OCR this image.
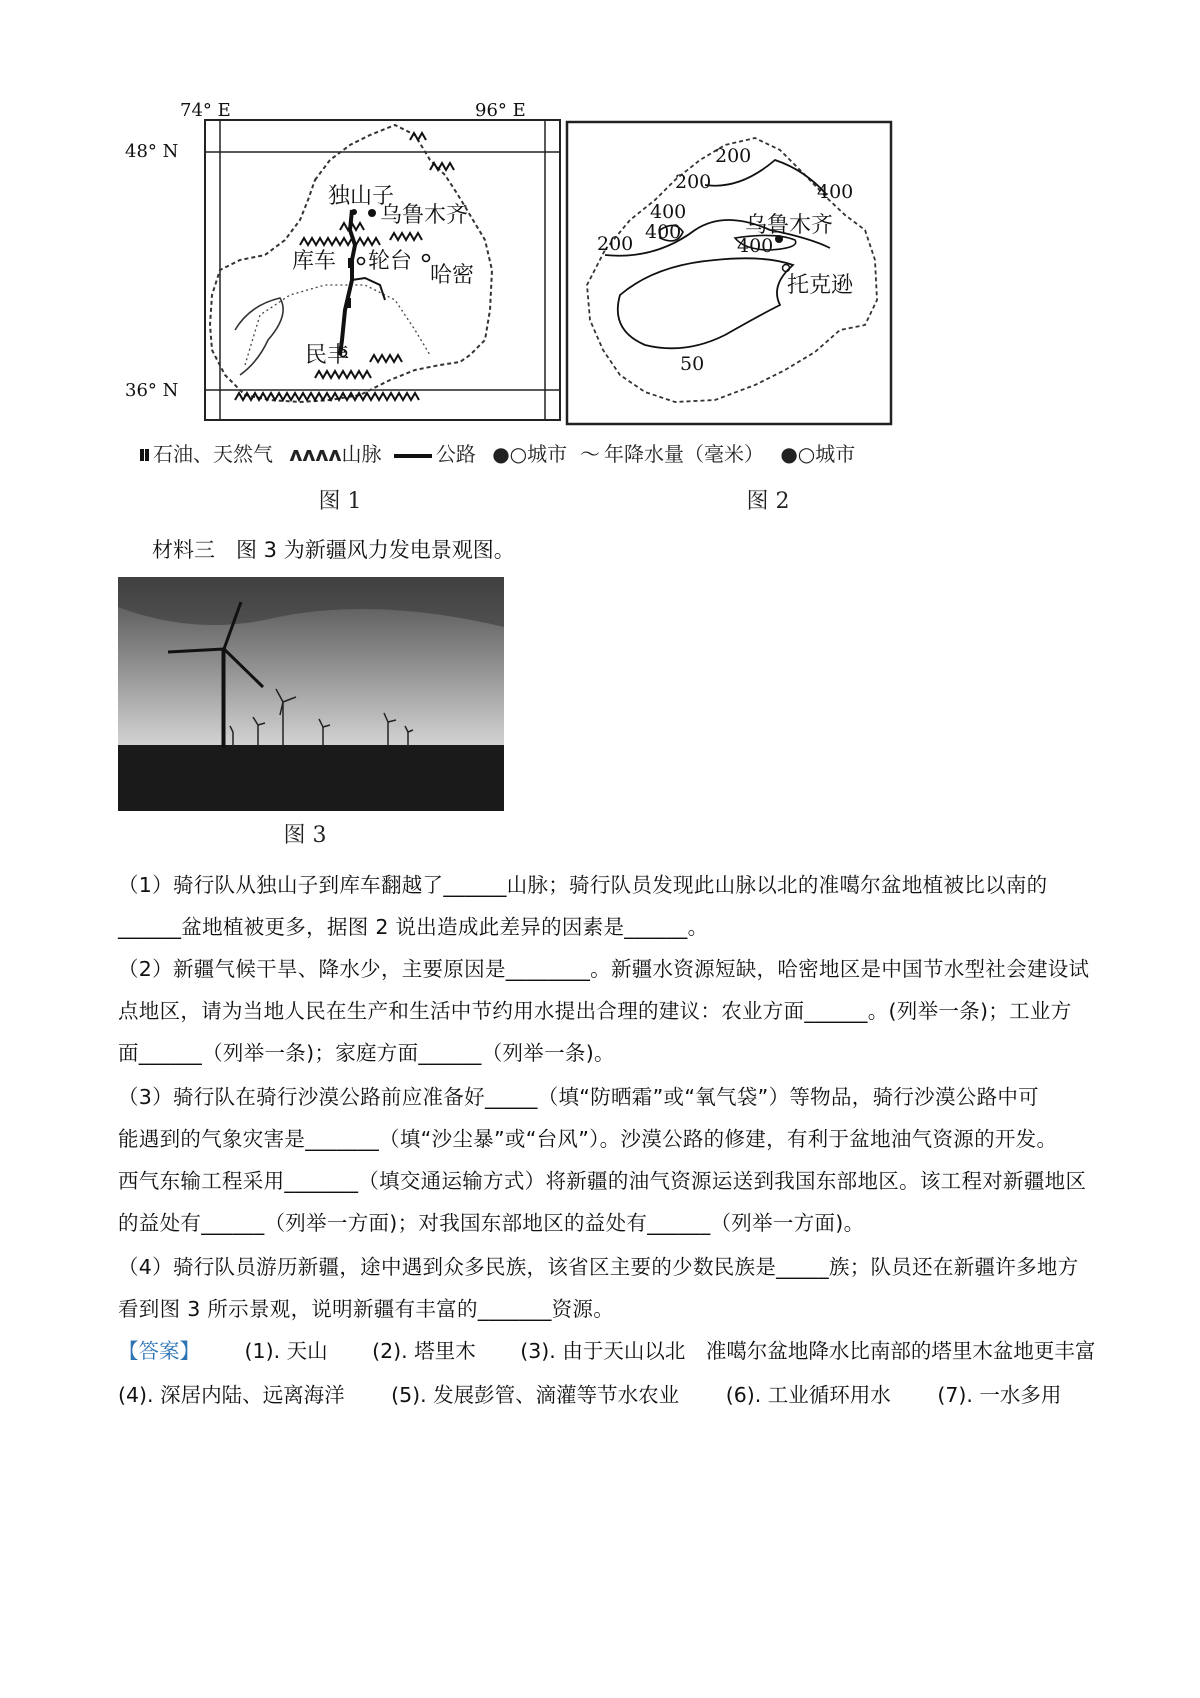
74° E	96° E
48° N
36° N
独山子
乌鲁木齐
库车 轮台
哈密
民丰
石油、天然气 ʌʌʌʌ山脉	公路 ●○城市
图 1
200
200	400
400
400
400
200
50
乌鲁木齐
托克逊
〜 年降水量（毫米） ●○城市
图 2
材料三　图 3 为新疆风力发电景观图。
图 3
（1）骑行队从独山子到库车翻越了______山脉；骑行队员发现此山脉以北的准噶尔盆地植被比以南的
______盆地植被更多，据图 2 说出造成此差异的因素是______。
（2）新疆气候干旱、降水少，主要原因是________。新疆水资源短缺，哈密地区是中国节水型社会建设试
点地区，请为当地人民在生产和生活中节约用水提出合理的建议：农业方面______。(列举一条)；工业方
面______（列举一条)；家庭方面______（列举一条)。
（3）骑行队在骑行沙漠公路前应准备好_____（填“防晒霜”或“氧气袋”）等物品，骑行沙漠公路中可
能遇到的气象灾害是_______（填“沙尘暴”或“台风”）。沙漠公路的修建，有利于盆地油气资源的开发。
西气东输工程采用_______（填交通运输方式）将新疆的油气资源运送到我国东部地区。该工程对新疆地区
的益处有______（列举一方面)；对我国东部地区的益处有______（列举一方面)。
（4）骑行队员游历新疆，途中遇到众多民族，该省区主要的少数民族是_____族；队员还在新疆许多地方
看到图 3 所示景观，说明新疆有丰富的_______资源。
【答案】 (1). 天山 (2). 塔里木 (3). 由于天山以北　准噶尔盆地降水比南部的塔里木盆地更丰富
(4). 深居内陆、远离海洋 (5). 发展彭管、滴灌等节水农业 (6). 工业循环用水 (7). 一水多用
